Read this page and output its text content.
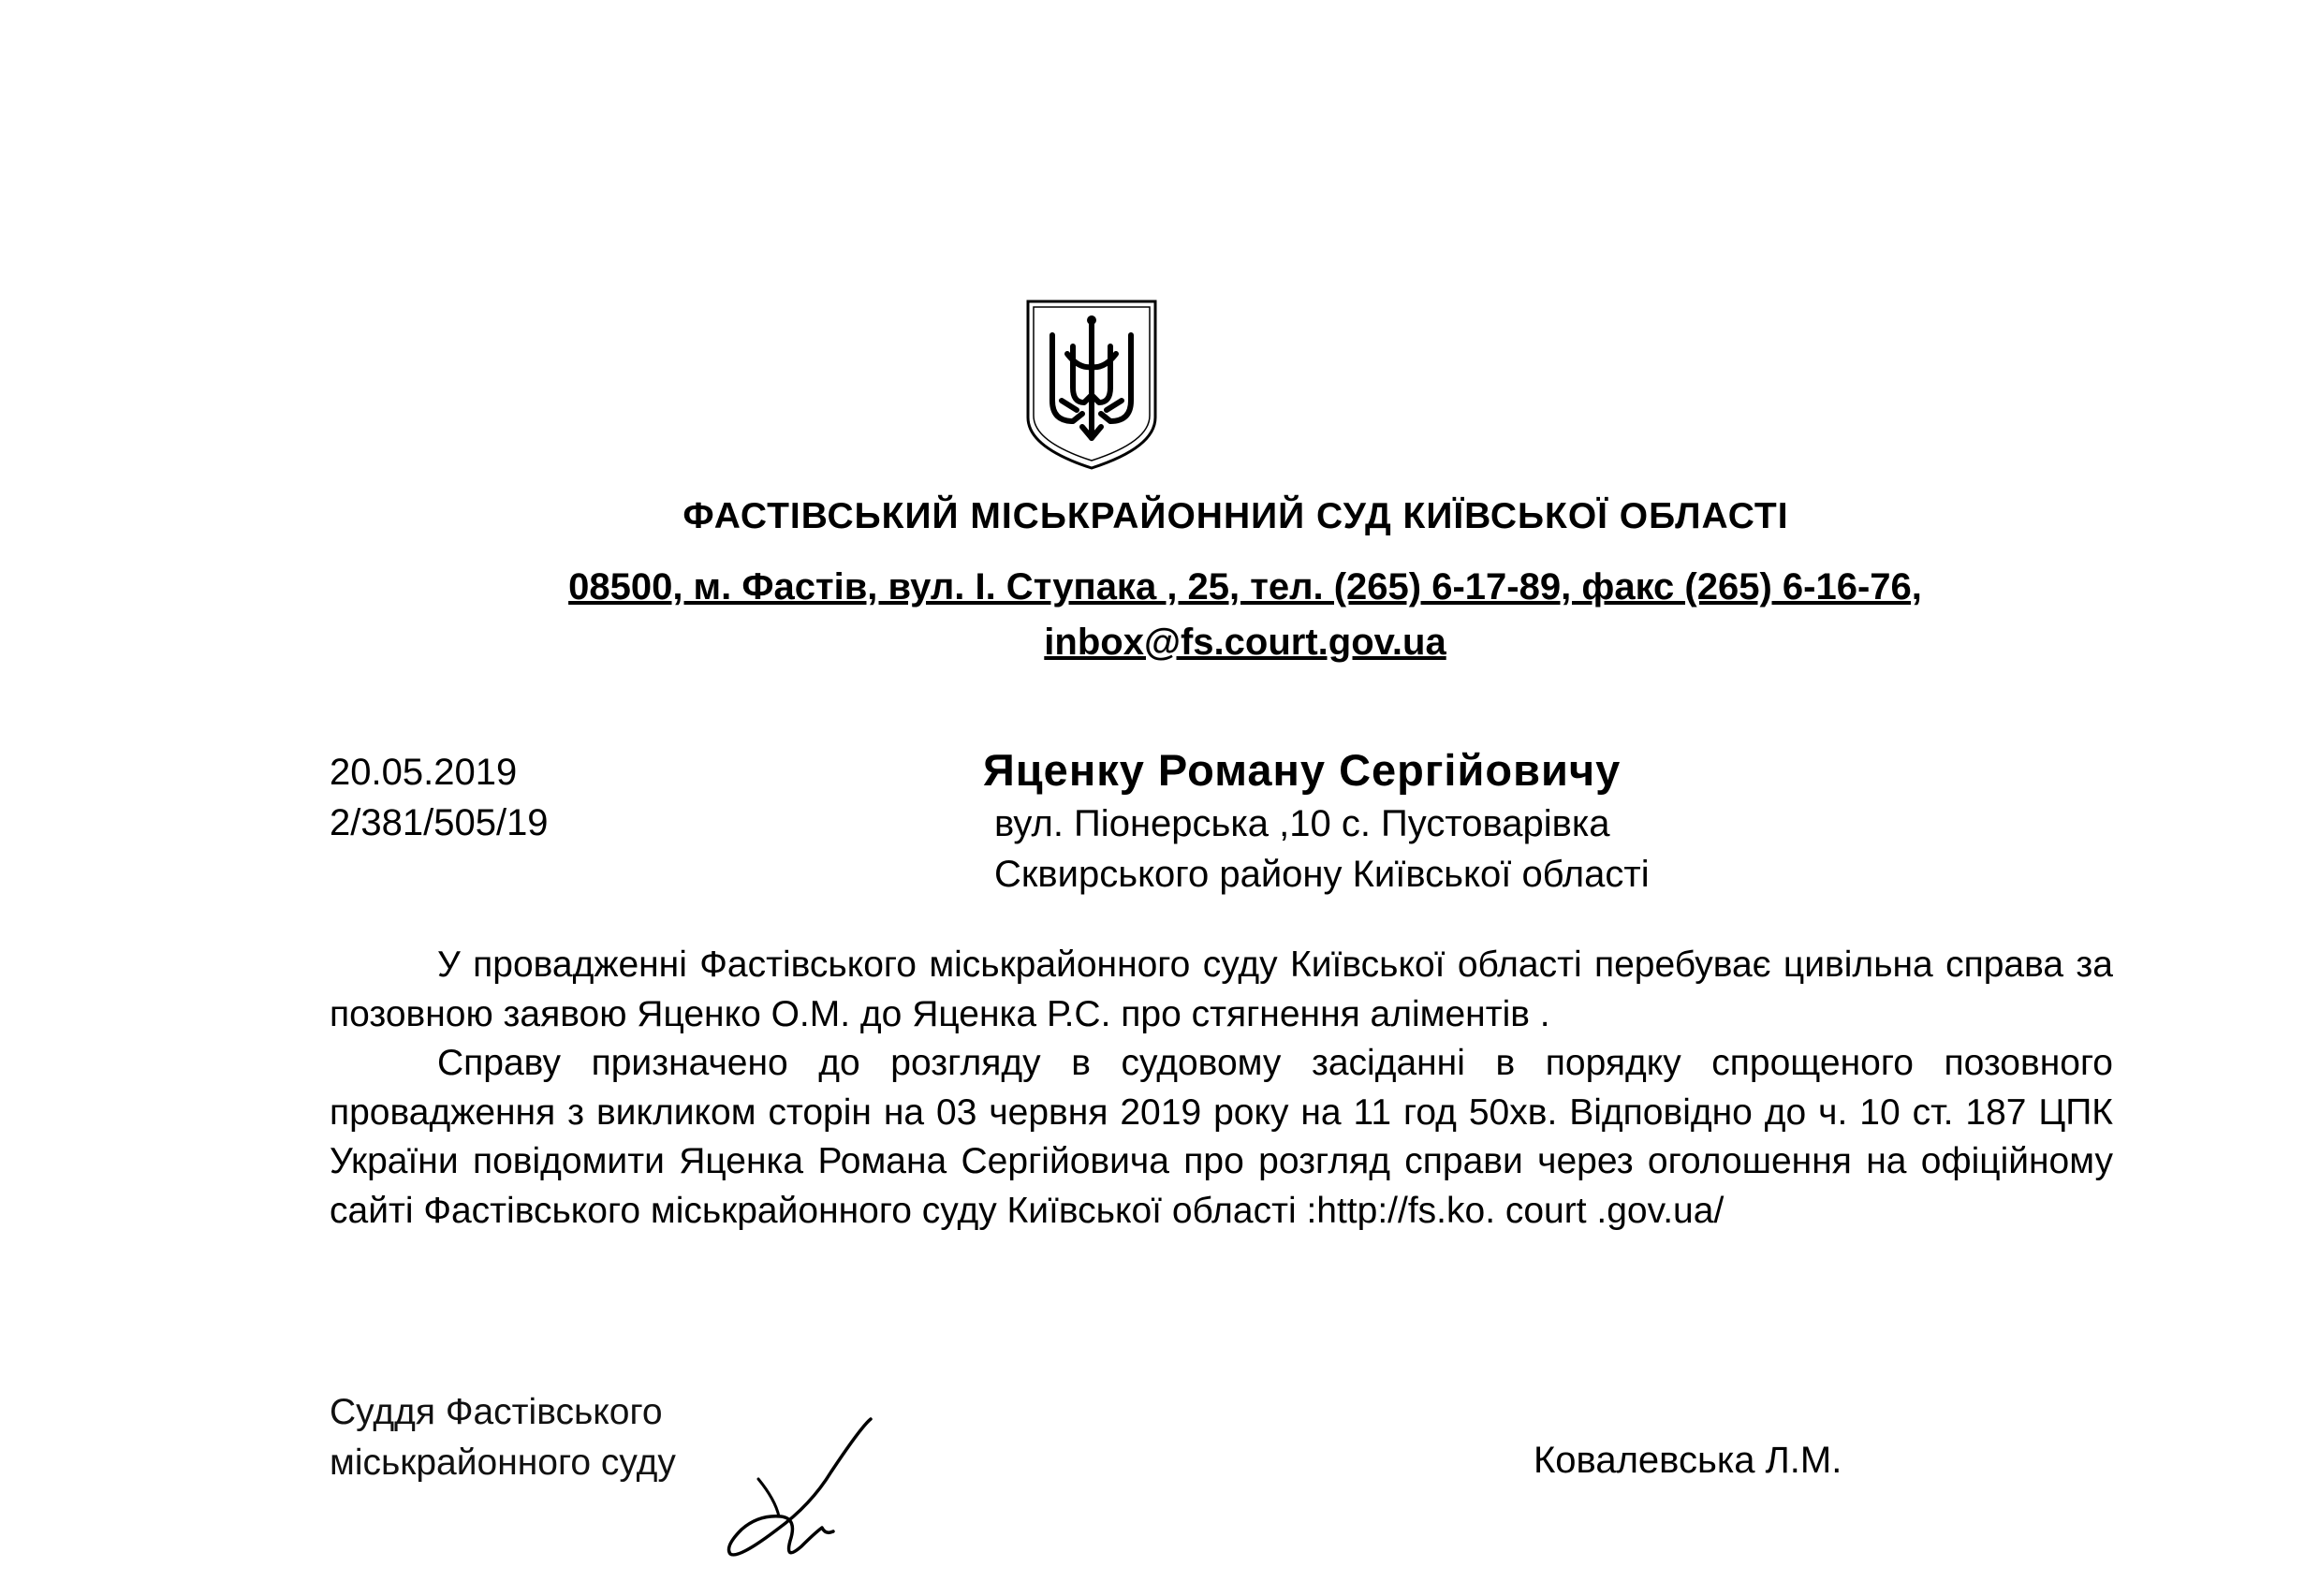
ФАСТІВСЬКИЙ МІСЬКРАЙОННИЙ СУД КИЇВСЬКОЇ ОБЛАСТІ
08500, м. Фастів, вул. І. Ступака , 25, тел. (265) 6-17-89, факс (265) 6-16-76,
inbox@fs.court.gov.ua
20.05.2019
2/381/505/19
Яценку Роману Сергійовичу
вул. Піонерська ,10 с. Пустоварівка
Сквирського району Київської області

У провадженні Фастівського міськрайонного суду Київської області перебуває цивільна справа за позовною заявою Яценко О.М. до Яценка Р.С. про стягнення аліментів .

Справу призначено до розгляду в судовому засіданні в порядку спрощеного позовного провадження з викликом сторін на 03 червня 2019 року на 11 год 50хв. Відповідно до ч. 10 ст. 187 ЦПК України повідомити Яценка Романа Сергійовича про розгляд справи через оголошення на офіційному сайті Фастівського міськрайонного суду Київської області :http://fs.ko. court .gov.ua/

Суддя Фастівського
міськрайонного суду	Ковалевська Л.М.
